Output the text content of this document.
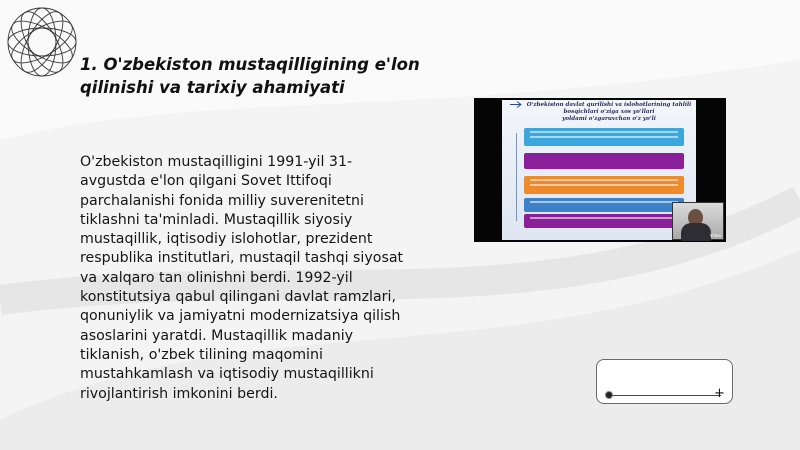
1. O'zbekiston mustaqilligining e'lon
qilinishi va tarixiy ahamiyati
O'zbekiston mustaqilligini 1991-yil 31-avgustda e'lon qilgani Sovet Ittifoqi parchalanishi fonida milliy suverenitetni tiklashni ta'minladi. Mustaqillik siyosiy mustaqillik, iqtisodiy islohotlar, prezident respublika institutlari, mustaqil tashqi siyosat va xalqaro tan olinishni berdi. 1992-yil konstitutsiya qabul qilingani davlat ramzlari, qonuniylik va jamiyatni modernizatsiya qilish asoslarini yaratdi. Mustaqillik madaniy tiklanish, o'zbek tilining maqomini mustahkamlash va iqtisodiy mustaqillikni rivojlantirish imkonini berdi.
O'zbekiston davlat qurilishi va islohotlarining tahlili
bosqichlari o'ziga xos yo'llari
yoldami o'zgaruvchan o'z yo'li
Video
+
